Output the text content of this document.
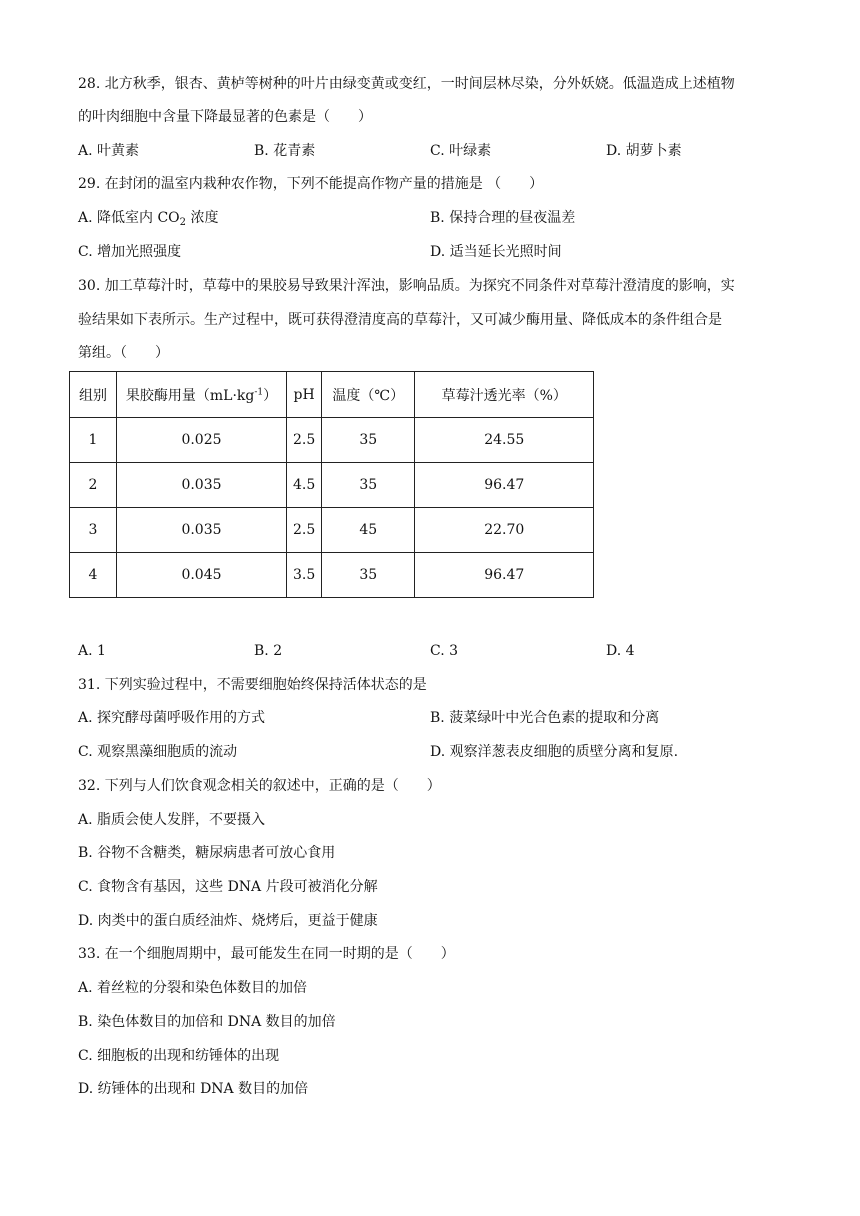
28. 北方秋季，银杏、黄栌等树种的叶片由绿变黄或变红，一时间层林尽染，分外妖娆。低温造成上述植物
的叶肉细胞中含量下降最显著的色素是（　　）
A. 叶黄素	B. 花青素	C. 叶绿素	D. 胡萝卜素
29. 在封闭的温室内栽种农作物，下列不能提高作物产量的措施是 （　　）
A. 降低室内 $CO_2$ 浓度	B. 保持合理的昼夜温差
C. 增加光照强度	D. 适当延长光照时间
30. 加工草莓汁时，草莓中的果胶易导致果汁浑浊，影响品质。为探究不同条件对草莓汁澄清度的影响，实
验结果如下表所示。生产过程中，既可获得澄清度高的草莓汁，又可减少酶用量、降低成本的条件组合是
第组。（　　）
组别	果胶酶用量$(mL\cdot kg^{-1})$	pH	温度（℃）	草莓汁透光率（%）
1	0.025	2.5	35	24.55
2	0.035	4.5	35	96.47
3	0.035	2.5	45	22.70
4	0.045	3.5	35	96.47
A. 1	B. 2	C. 3	D. 4
31. 下列实验过程中，不需要细胞始终保持活体状态的是
A. 探究酵母菌呼吸作用的方式	B. 菠菜绿叶中光合色素的提取和分离
C. 观察黑藻细胞质的流动	D. 观察洋葱表皮细胞的质壁分离和复原.
32. 下列与人们饮食观念相关的叙述中，正确的是（　　）
A. 脂质会使人发胖，不要摄入
B. 谷物不含糖类，糖尿病患者可放心食用
C. 食物含有基因，这些 DNA 片段可被消化分解
D. 肉类中的蛋白质经油炸、烧烤后，更益于健康
33. 在一个细胞周期中，最可能发生在同一时期的是（　　）
A. 着丝粒的分裂和染色体数目的加倍
B. 染色体数目的加倍和 DNA 数目的加倍
C. 细胞板的出现和纺锤体的出现
D. 纺锤体的出现和 DNA 数目的加倍
